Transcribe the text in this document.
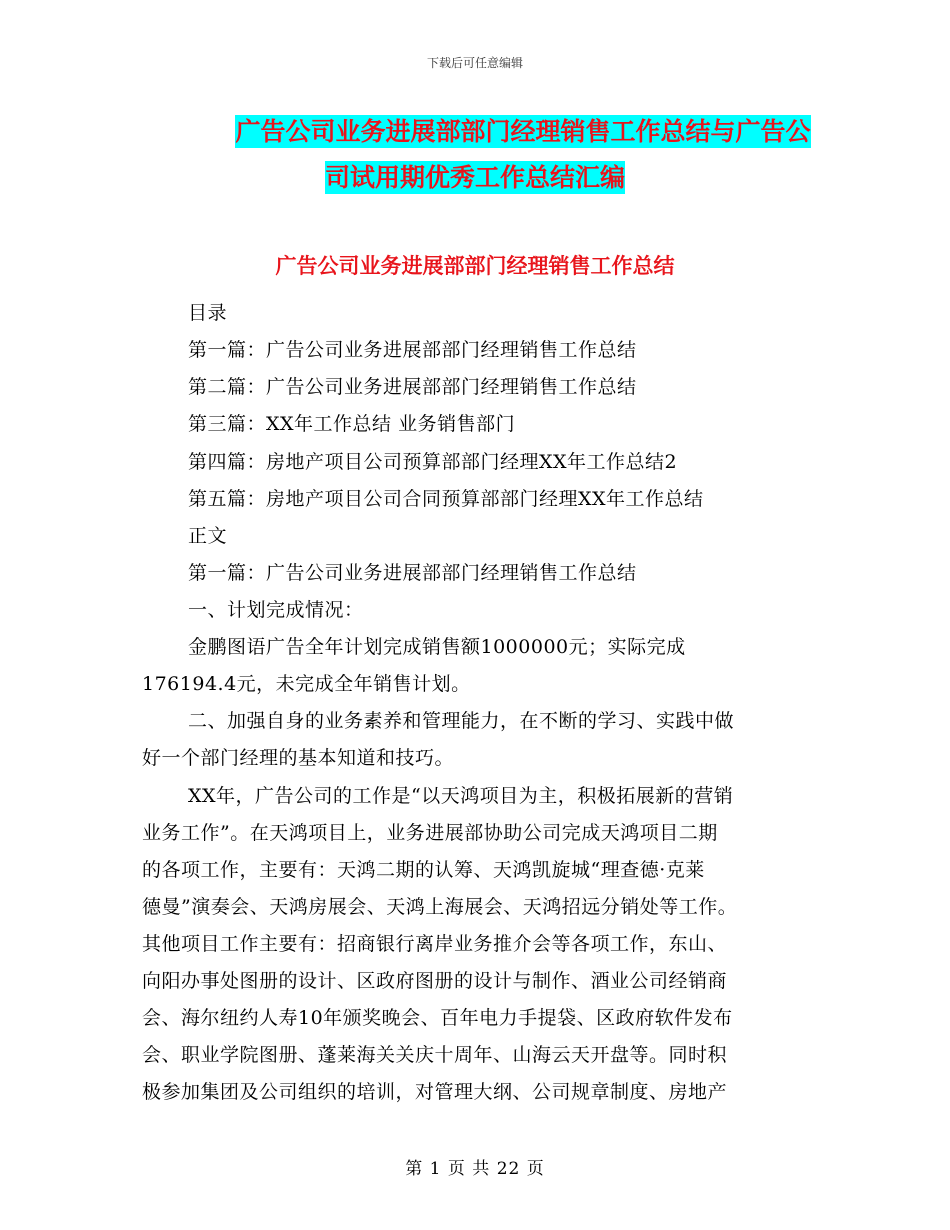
下载后可任意编辑
广告公司业务进展部部门经理销售工作总结与广告公
司试用期优秀工作总结汇编
广告公司业务进展部部门经理销售工作总结
目录
第一篇：广告公司业务进展部部门经理销售工作总结
第二篇：广告公司业务进展部部门经理销售工作总结
第三篇：XX年工作总结 业务销售部门
第四篇：房地产项目公司预算部部门经理XX年工作总结2
第五篇：房地产项目公司合同预算部部门经理XX年工作总结
正文
第一篇：广告公司业务进展部部门经理销售工作总结
一、计划完成情况：
金鹏图语广告全年计划完成销售额1000000元；实际完成
176194.4元，未完成全年销售计划。
二、加强自身的业务素养和管理能力，在不断的学习、实践中做
好一个部门经理的基本知道和技巧。
XX年，广告公司的工作是“以天鸿项目为主，积极拓展新的营销
业务工作”。在天鸿项目上，业务进展部协助公司完成天鸿项目二期
的各项工作，主要有：天鸿二期的认筹、天鸿凯旋城“理查德·克莱
德曼”演奏会、天鸿房展会、天鸿上海展会、天鸿招远分销处等工作。
其他项目工作主要有：招商银行离岸业务推介会等各项工作，东山、
向阳办事处图册的设计、区政府图册的设计与制作、酒业公司经销商
会、海尔纽约人寿10年颁奖晚会、百年电力手提袋、区政府软件发布
会、职业学院图册、蓬莱海关关庆十周年、山海云天开盘等。同时积
极参加集团及公司组织的培训，对管理大纲、公司规章制度、房地产
第 1 页 共 22 页
